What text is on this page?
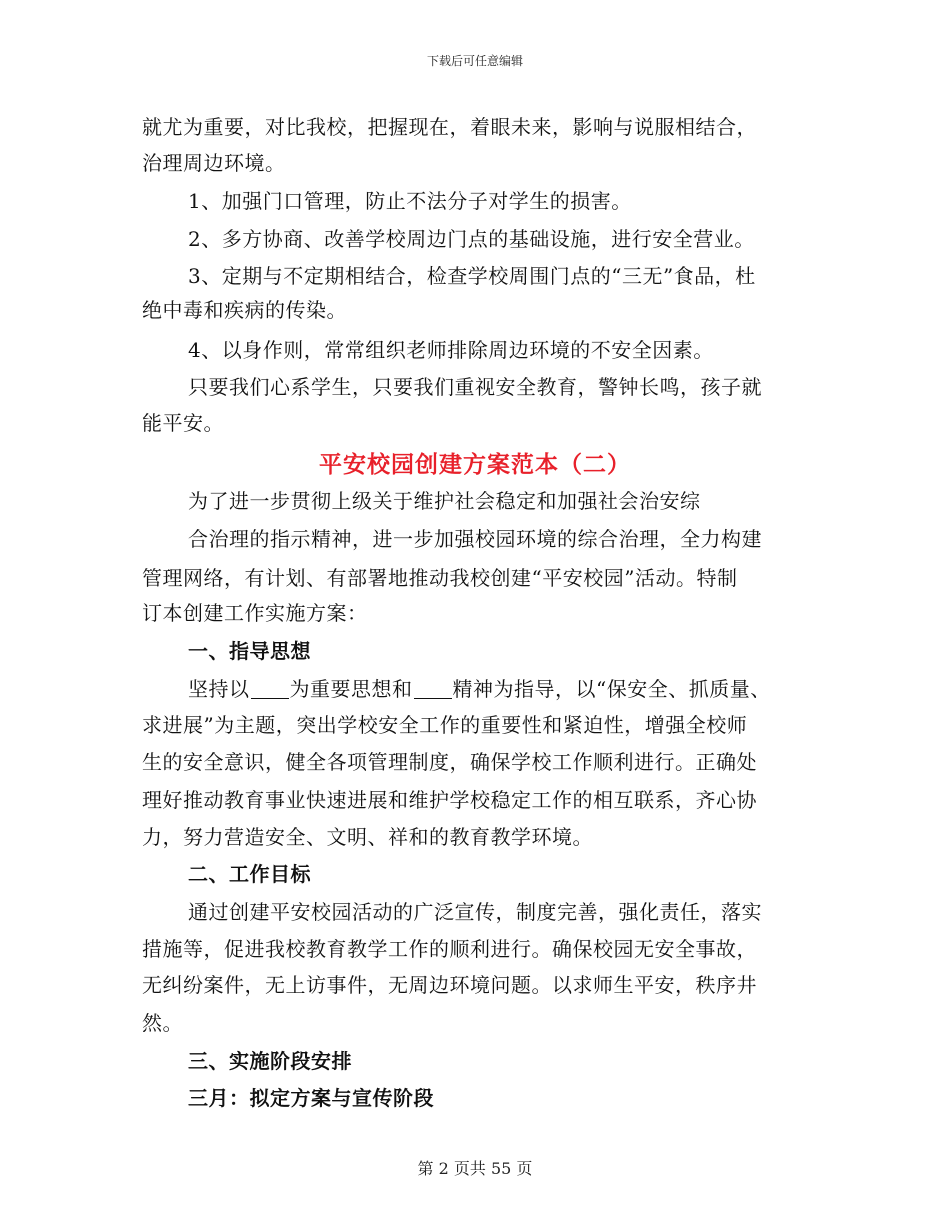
下载后可任意编辑
就尤为重要，对比我校，把握现在，着眼未来，影响与说服相结合，
治理周边环境。
1、加强门口管理，防止不法分子对学生的损害。
2、多方协商、改善学校周边门点的基础设施，进行安全营业。
3、定期与不定期相结合，检查学校周围门点的“三无”食品，杜
绝中毒和疾病的传染。
4、以身作则，常常组织老师排除周边环境的不安全因素。
只要我们心系学生，只要我们重视安全教育，警钟长鸣，孩子就
能平安。
平安校园创建方案范本（二）
为了进一步贯彻上级关于维护社会稳定和加强社会治安综
合治理的指示精神，进一步加强校园环境的综合治理，全力构建
管理网络，有计划、有部署地推动我校创建“平安校园”活动。特制
订本创建工作实施方案：
一、指导思想
坚持以 为重要思想和 精神为指导，以“保安全、抓质量、
求进展”为主题，突出学校安全工作的重要性和紧迫性，增强全校师
生的安全意识，健全各项管理制度，确保学校工作顺利进行。正确处
理好推动教育事业快速进展和维护学校稳定工作的相互联系，齐心协
力，努力营造安全、文明、祥和的教育教学环境。
二、工作目标
通过创建平安校园活动的广泛宣传，制度完善，强化责任，落实
措施等，促进我校教育教学工作的顺利进行。确保校园无安全事故，
无纠纷案件，无上访事件，无周边环境问题。以求师生平安，秩序井
然。
三、实施阶段安排
三月：拟定方案与宣传阶段
第 2 页共 55 页
